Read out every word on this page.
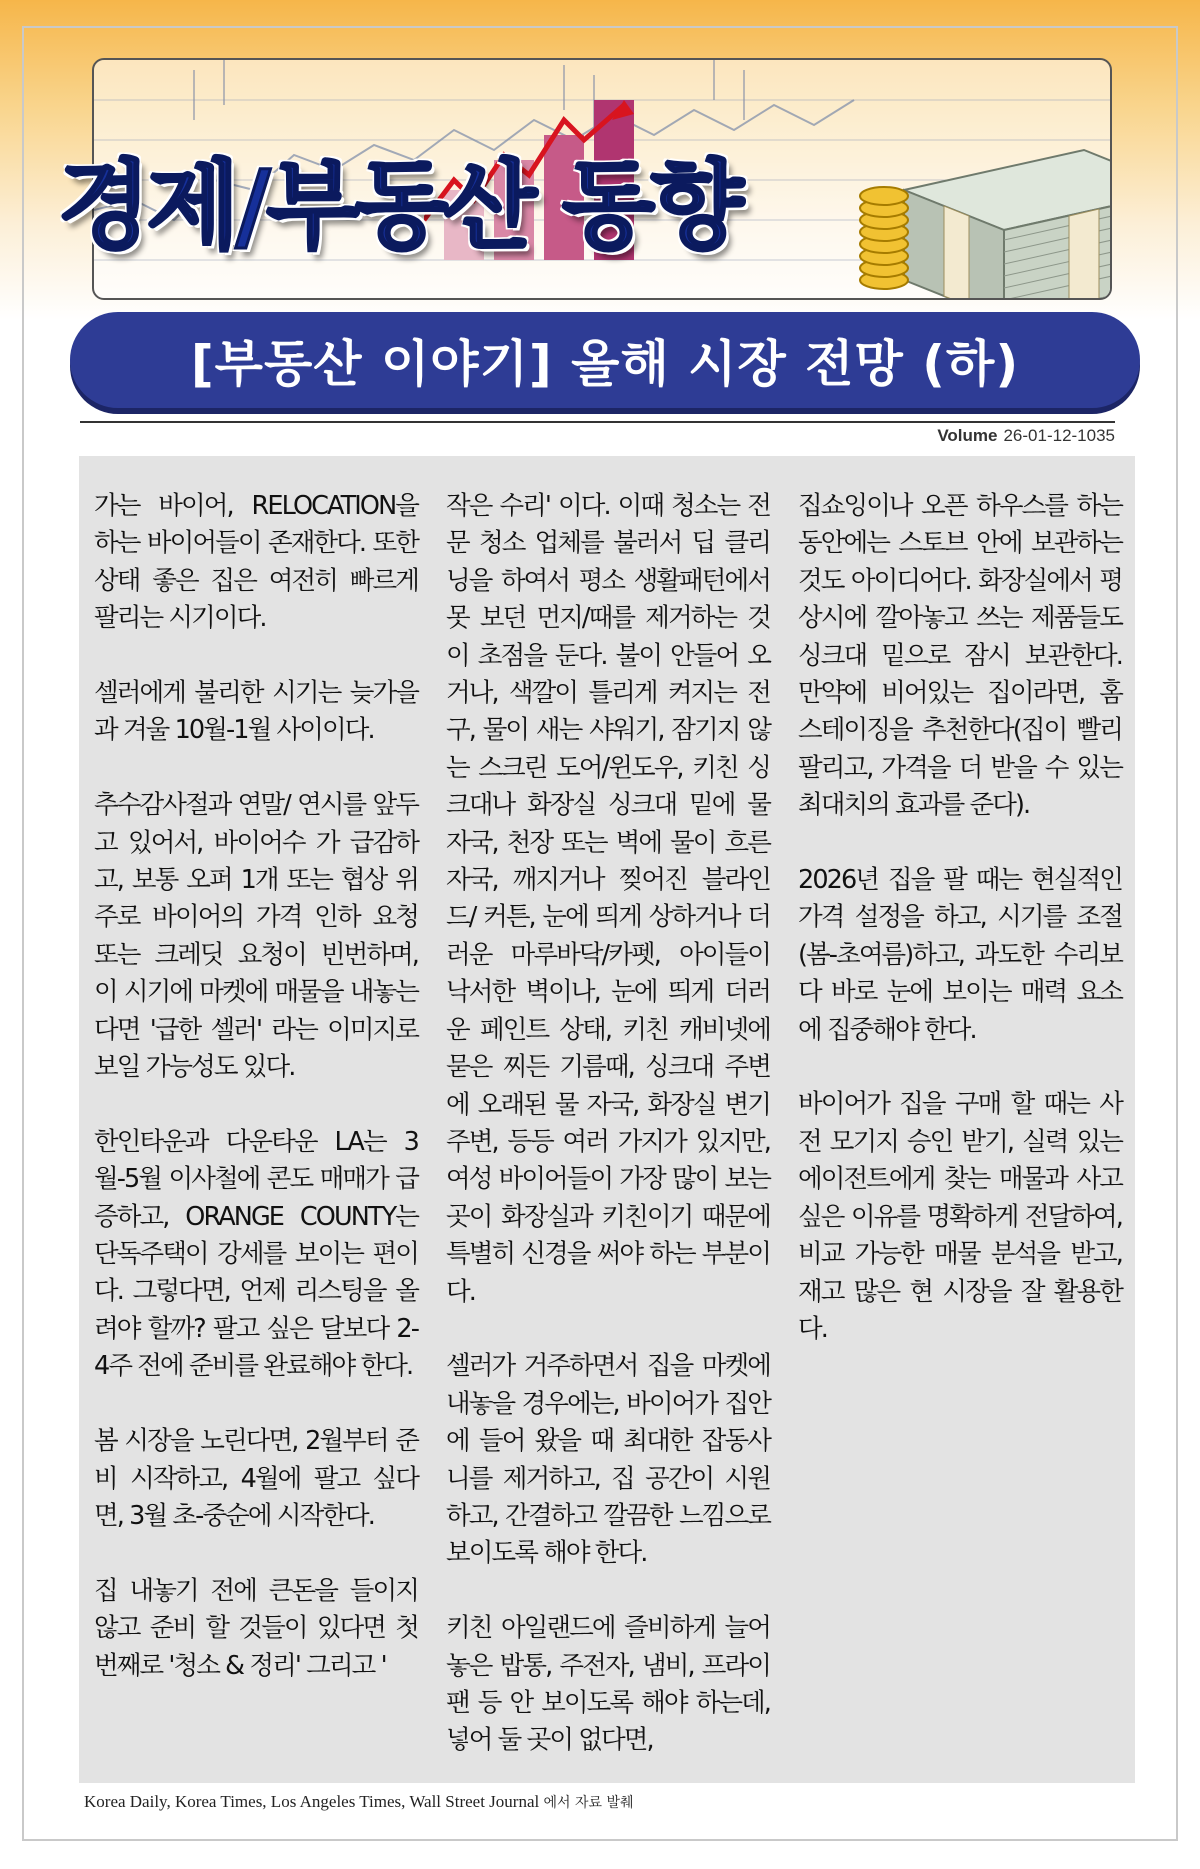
경제/부동산 동향
[부동산 이야기] 올해 시장 전망 (하)
Volume 26-01-12-1035

가는 바이어, RELOCATION을 하는 바이어들이 존재한다. 또한 상태 좋은 집은 여전히 빠르게 팔리는 시기이다.

셀러에게 불리한 시기는 늦가을과 겨울 10월-1월 사이이다.

추수감사절과 연말/ 연시를 앞두고 있어서, 바이어수 가 급감하고, 보통 오퍼 1개 또는 협상 위주로 바이어의 가격 인하 요청 또는 크레딧 요청이 빈번하며, 이 시기에 마켓에 매물을 내놓는 다면 '급한 셀러' 라는 이미지로 보일 가능성도 있다.

한인타운과 다운타운 LA는 3월-5월 이사철에 콘도 매매가 급증하고, ORANGE COUNTY는 단독주택이 강세를 보이는 편이다. 그렇다면, 언제 리스팅을 올려야 할까? 팔고 싶은 달보다 2-4주 전에 준비를 완료해야 한다.

봄 시장을 노린다면, 2월부터 준비 시작하고, 4월에 팔고 싶다면, 3월 초-중순에 시작한다.

집 내놓기 전에 큰돈을 들이지 않고 준비 할 것들이 있다면 첫 번째로 '청소 & 정리' 그리고 '

작은 수리' 이다. 이때 청소는 전문 청소 업체를 불러서 딥 클리닝을 하여서 평소 생활패턴에서 못 보던 먼지/때를 제거하는 것이 초점을 둔다. 불이 안들어 오거나, 색깔이 틀리게 켜지는 전구, 물이 새는 샤워기, 잠기지 않는 스크린 도어/윈도우, 키친 싱크대나 화장실 싱크대 밑에 물 자국, 천장 또는 벽에 물이 흐른 자국, 깨지거나 찢어진 블라인드/ 커튼, 눈에 띄게 상하거나 더러운 마루바닥/카펫, 아이들이 낙서한 벽이나, 눈에 띄게 더러운 페인트 상태, 키친 캐비넷에 묻은 찌든 기름때, 싱크대 주변에 오래된 물 자국, 화장실 변기주변, 등등 여러 가지가 있지만, 여성 바이어들이 가장 많이 보는 곳이 화장실과 키친이기 때문에 특별히 신경을 써야 하는 부분이다.

셀러가 거주하면서 집을 마켓에 내놓을 경우에는, 바이어가 집안에 들어 왔을 때 최대한 잡동사니를 제거하고, 집 공간이 시원하고, 간결하고 깔끔한 느낌으로 보이도록 해야 한다.

키친 아일랜드에 즐비하게 늘어놓은 밥통, 주전자, 냄비, 프라이팬 등 안 보이도록 해야 하는데, 넣어 둘 곳이 없다면,

집쇼잉이나 오픈 하우스를 하는 동안에는 스토브 안에 보관하는 것도 아이디어다. 화장실에서 평상시에 깔아놓고 쓰는 제품들도 싱크대 밑으로 잠시 보관한다. 만약에 비어있는 집이라면, 홈 스테이징을 추천한다(집이 빨리 팔리고, 가격을 더 받을 수 있는 최대치의 효과를 준다).

2026년 집을 팔 때는 현실적인 가격 설정을 하고, 시기를 조절(봄-초여름)하고, 과도한 수리보다 바로 눈에 보이는 매력 요소에 집중해야 한다.

바이어가 집을 구매 할 때는 사전 모기지 승인 받기, 실력 있는 에이전트에게 찾는 매물과 사고 싶은 이유를 명확하게 전달하여, 비교 가능한 매물 분석을 받고, 재고 많은 현 시장을 잘 활용한다.

Korea Daily, Korea Times, Los Angeles Times, Wall Street Journal 에서 자료 발췌
